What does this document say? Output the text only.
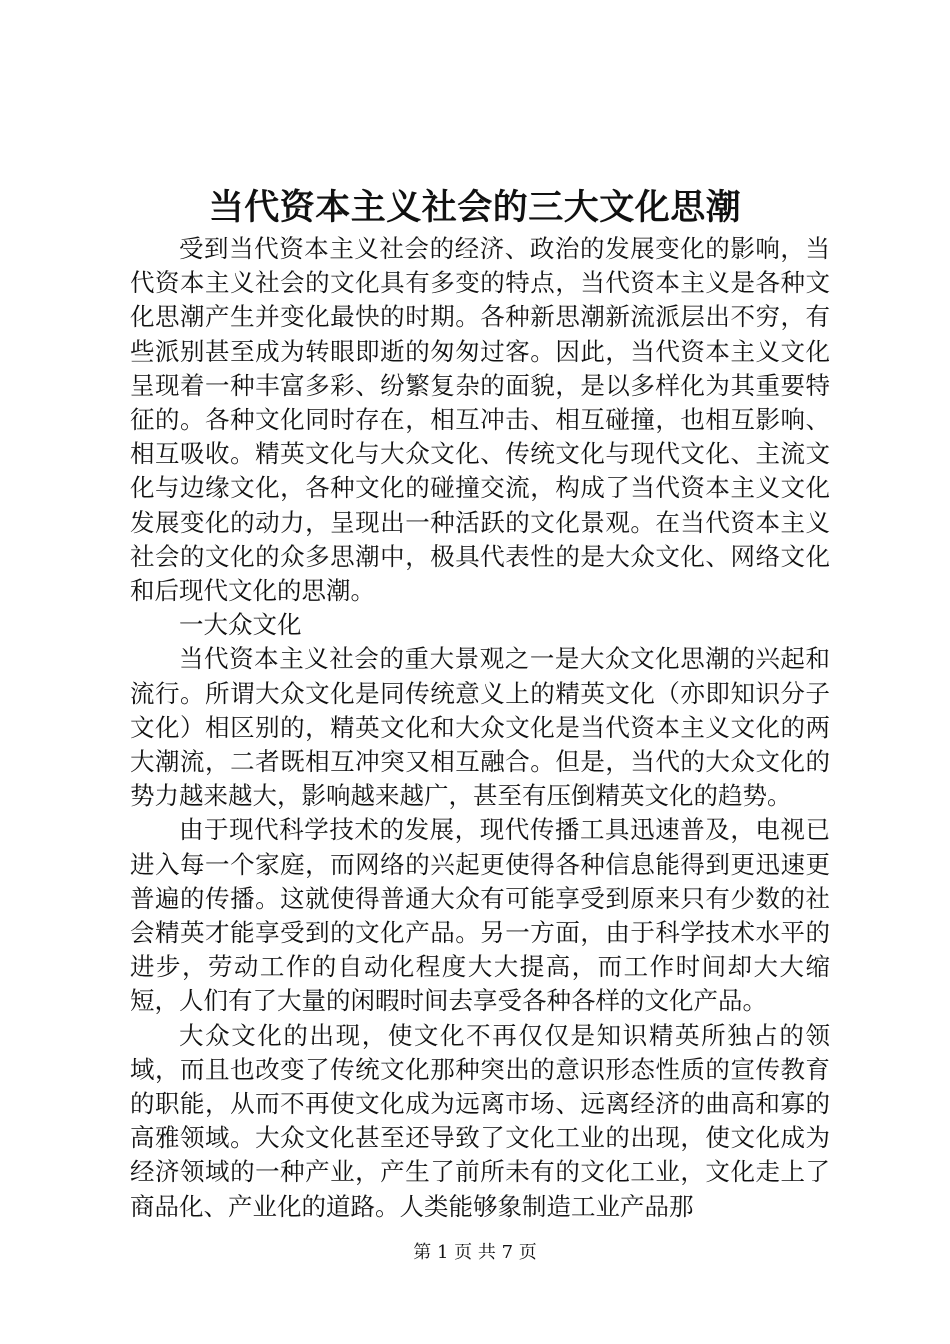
当代资本主义社会的三大文化思潮

受到当代资本主义社会的经济、政治的发展变化的影响，当代资本主义社会的文化具有多变的特点，当代资本主义是各种文化思潮产生并变化最快的时期。各种新思潮新流派层出不穷，有些派别甚至成为转眼即逝的匆匆过客。因此，当代资本主义文化呈现着一种丰富多彩、纷繁复杂的面貌，是以多样化为其重要特征的。各种文化同时存在，相互冲击、相互碰撞，也相互影响、相互吸收。精英文化与大众文化、传统文化与现代文化、主流文化与边缘文化，各种文化的碰撞交流，构成了当代资本主义文化发展变化的动力，呈现出一种活跃的文化景观。在当代资本主义社会的文化的众多思潮中，极具代表性的是大众文化、网络文化和后现代文化的思潮。

一大众文化

当代资本主义社会的重大景观之一是大众文化思潮的兴起和流行。所谓大众文化是同传统意义上的精英文化（亦即知识分子文化）相区别的，精英文化和大众文化是当代资本主义文化的两大潮流，二者既相互冲突又相互融合。但是，当代的大众文化的势力越来越大，影响越来越广，甚至有压倒精英文化的趋势。

由于现代科学技术的发展，现代传播工具迅速普及，电视已进入每一个家庭，而网络的兴起更使得各种信息能得到更迅速更普遍的传播。这就使得普通大众有可能享受到原来只有少数的社会精英才能享受到的文化产品。另一方面，由于科学技术水平的进步，劳动工作的自动化程度大大提高，而工作时间却大大缩短，人们有了大量的闲暇时间去享受各种各样的文化产品。

大众文化的出现，使文化不再仅仅是知识精英所独占的领域，而且也改变了传统文化那种突出的意识形态性质的宣传教育的职能，从而不再使文化成为远离市场、远离经济的曲高和寡的高雅领域。大众文化甚至还导致了文化工业的出现，使文化成为经济领域的一种产业，产生了前所未有的文化工业，文化走上了商品化、产业化的道路。人类能够象制造工业产品那

第 1 页 共 7 页
